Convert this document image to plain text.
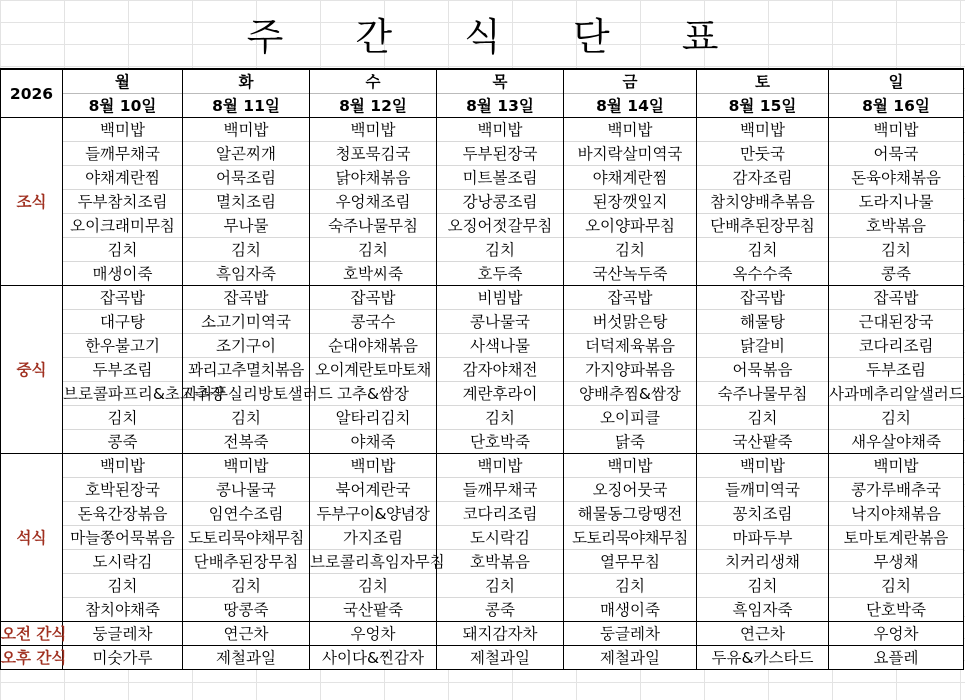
주 간 식 단 표
2026	월	화	수	목	금	토	일
	8월 10일	8월 11일	8월 12일	8월 13일	8월 14일	8월 15일	8월 16일
조식	백미밥	백미밥	백미밥	백미밥	백미밥	백미밥	백미밥
	들깨무채국	알곤찌개	청포묵김국	두부된장국	바지락살미역국	만둣국	어묵국
	야채계란찜	어묵조림	닭야채볶음	미트볼조림	야채계란찜	감자조림	돈육야채볶음
	두부참치조림	멸치조림	우엉채조림	강낭콩조림	된장깻잎지	참치양배추볶음	도라지나물
	오이크래미무침	무나물	숙주나물무침	오징어젓갈무침	오이양파무침	단배추된장무침	호박볶음
	김치	김치	김치	김치	김치	김치	김치
	매생이죽	흑임자죽	호박씨죽	호두죽	국산녹두죽	옥수수죽	콩죽
중식	잡곡밥	잡곡밥	잡곡밥	비빔밥	잡곡밥	잡곡밥	잡곡밥
	대구탕	소고기미역국	콩국수	콩나물국	버섯맑은탕	해물탕	근대된장국
	한우불고기	조기구이	순대야채볶음	사색나물	더덕제육볶음	닭갈비	코다리조림
	두부조림	꽈리고추멸치볶음	오이계란토마토채	감자야채전	가지양파볶음	어묵볶음	두부조림
	브로콜파프리&초고추장	사과푸실리방토샐러드	고추&쌈장	계란후라이	양배추찜&쌈장	숙주나물무침	사과메추리알샐러드
	김치	김치	알타리김치	김치	오이피클	김치	김치
	콩죽	전복죽	야채죽	단호박죽	닭죽	국산팥죽	새우살야채죽
석식	백미밥	백미밥	백미밥	백미밥	백미밥	백미밥	백미밥
	호박된장국	콩나물국	북어계란국	들깨무채국	오징어뭇국	들깨미역국	콩가루배추국
	돈육간장볶음	임연수조림	두부구이&양념장	코다리조림	해물동그랑땡전	꽁치조림	낙지야채볶음
	마늘쫑어묵볶음	도토리묵야채무침	가지조림	도시락김	도토리묵야채무침	마파두부	토마토계란볶음
	도시락김	단배추된장무침	브로콜리흑임자무침	호박볶음	열무무침	치커리생채	무생채
	김치	김치	김치	김치	김치	김치	김치
	참치야채죽	땅콩죽	국산팥죽	콩죽	매생이죽	흑임자죽	단호박죽
오전 간식	둥글레차	연근차	우엉차	돼지감자차	둥글레차	연근차	우엉차
오후 간식	미숫가루	제철과일	사이다&찐감자	제철과일	제철과일	두유&카스타드	요플레
